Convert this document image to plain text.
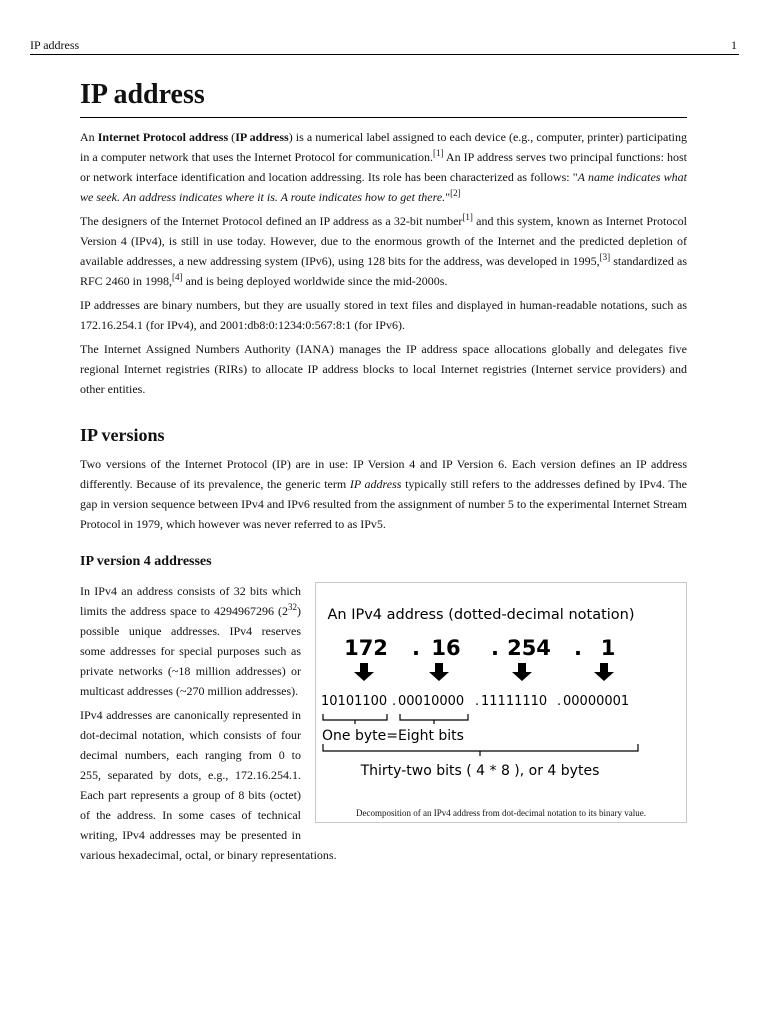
IP address	1
IP address

An Internet Protocol address (IP address) is a numerical label assigned to each device (e.g., computer, printer) participating in a computer network that uses the Internet Protocol for communication.[1] An IP address serves two principal functions: host or network interface identification and location addressing. Its role has been characterized as follows: "A name indicates what we seek. An address indicates where it is. A route indicates how to get there."[2]

The designers of the Internet Protocol defined an IP address as a 32-bit number[1] and this system, known as Internet Protocol Version 4 (IPv4), is still in use today. However, due to the enormous growth of the Internet and the predicted depletion of available addresses, a new addressing system (IPv6), using 128 bits for the address, was developed in 1995,[3] standardized as RFC 2460 in 1998,[4] and is being deployed worldwide since the mid-2000s.

IP addresses are binary numbers, but they are usually stored in text files and displayed in human-readable notations, such as 172.16.254.1 (for IPv4), and 2001:db8:0:1234:0:567:8:1 (for IPv6).

The Internet Assigned Numbers Authority (IANA) manages the IP address space allocations globally and delegates five regional Internet registries (RIRs) to allocate IP address blocks to local Internet registries (Internet service providers) and other entities.

IP versions

Two versions of the Internet Protocol (IP) are in use: IP Version 4 and IP Version 6. Each version defines an IP address differently. Because of its prevalence, the generic term IP address typically still refers to the addresses defined by IPv4. The gap in version sequence between IPv4 and IPv6 resulted from the assignment of number 5 to the experimental Internet Stream Protocol in 1979, which however was never referred to as IPv5.

IP version 4 addresses
An IPv4 address (dotted-decimal notation)
172 . 16 . 254 . 1
10101100 . 00010000 . 11111110 . 00000001
One byte=Eight bits
Thirty-two bits ( 4 * 8 ), or 4 bytes
Decomposition of an IPv4 address from dot-decimal notation to its binary value.

In IPv4 an address consists of 32 bits which limits the address space to 4294967296 $(2^{32})$ possible unique addresses. IPv4 reserves some addresses for special purposes such as private networks (~18 million addresses) or multicast addresses (~270 million addresses).

IPv4 addresses are canonically represented in dot-decimal notation, which consists of four decimal numbers, each ranging from 0 to 255, separated by dots, e.g., 172.16.254.1. Each part represents a group of 8 bits (octet) of the address. In some cases of technical writing, IPv4 addresses may be presented in various hexadecimal, octal, or binary representations.
